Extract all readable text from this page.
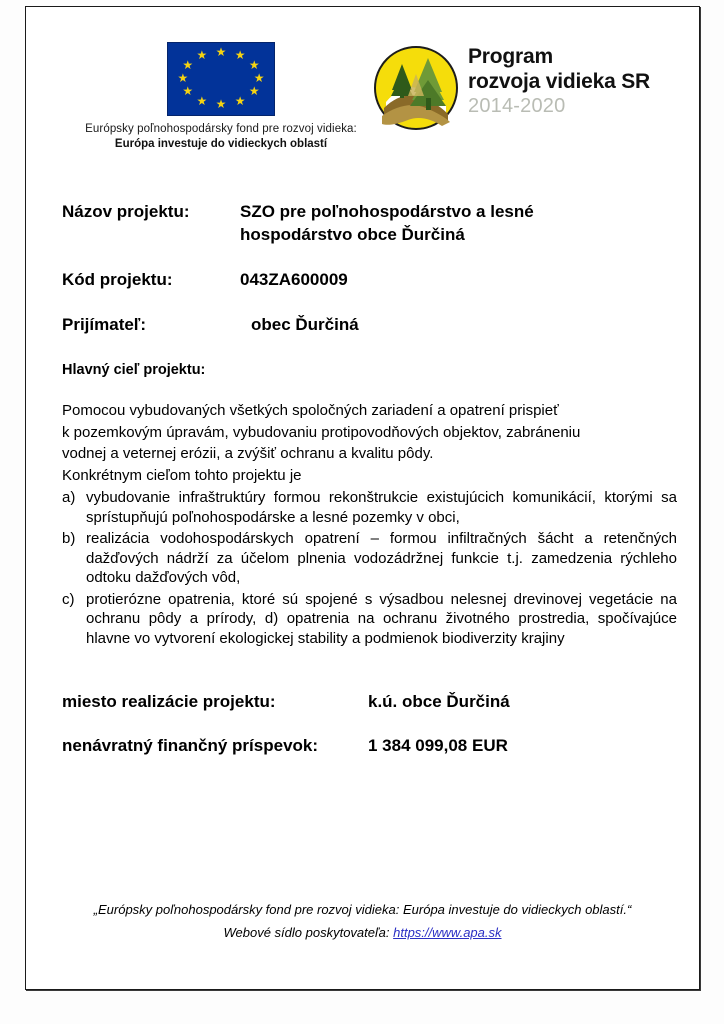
★ ★
★
★
★
★
★
★
★
★
★
★
Európsky poľnohospodársky fond pre rozvoj vidieka:
Európa investuje do vidieckych oblastí
Program
rozvoja vidieka SR
2014-2020
Názov projektu:	SZO pre poľnohospodárstvo a lesné
hospodárstvo obce Ďurčiná
Kód projektu:	043ZA600009
Prijímateľ:	obec Ďurčiná
Hlavný cieľ projektu:
Pomocou vybudovaných všetkých spoločných zariadení a opatrení prispieť
k pozemkovým úpravám, vybudovaniu protipovodňových objektov, zabráneniu
vodnej a veternej erózii, a zvýšiť ochranu a kvalitu pôdy.
Konkrétnym cieľom tohto projektu je
a) vybudovanie infraštruktúry formou rekonštrukcie existujúcich komunikácií, ktorými sa sprístupňujú poľnohospodárske a lesné pozemky v obci,
b) realizácia vodohospodárskych opatrení – formou infiltračných šácht a retenčných dažďových nádrží za účelom plnenia vodozádržnej funkcie t.j. zamedzenia rýchleho odtoku dažďových vôd,
c) protierózne opatrenia, ktoré sú spojené s výsadbou nelesnej drevinovej vegetácie na ochranu pôdy a prírody, d) opatrenia na ochranu životného prostredia, spočívajúce hlavne vo vytvorení ekologickej stability a podmienok biodiverzity krajiny
miesto realizácie projektu:	k.ú. obce Ďurčiná
nenávratný finančný príspevok:	1 384 099,08 EUR
„Európsky poľnohospodársky fond pre rozvoj vidieka: Európa investuje do vidieckych oblastí.“
Webové sídlo poskytovateľa: https://www.apa.sk
